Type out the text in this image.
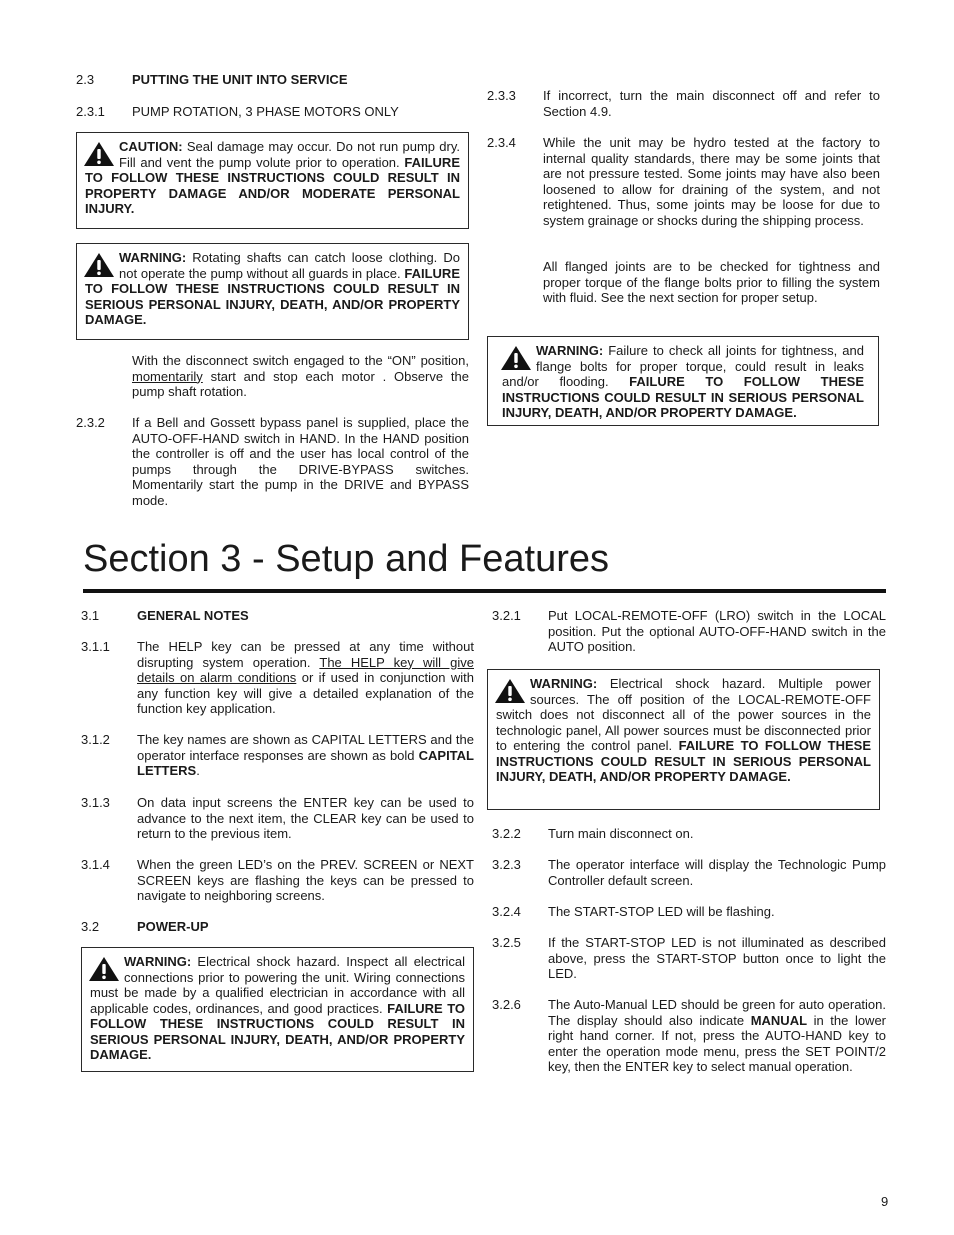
2.3	PUTTING THE UNIT INTO SERVICE
2.3.1 PUMP ROTATION, 3 PHASE MOTORS ONLY
CAUTION: Seal damage may occur. Do not run pump dry. Fill and vent the pump volute prior to operation. FAILURE TO FOLLOW THESE INSTRUCTIONS COULD RESULT IN PROPERTY DAMAGE AND/OR MODERATE PERSONAL INJURY.
WARNING: Rotating shafts can catch loose clothing. Do not operate the pump without all guards in place. FAILURE TO FOLLOW THESE INSTRUCTIONS COULD RESULT IN SERIOUS PERSONAL INJURY, DEATH, AND/OR PROPERTY DAMAGE.
With the disconnect switch engaged to the “ON” position, momentarily start and stop each motor . Observe the pump shaft rotation.
2.3.2 If a Bell and Gossett bypass panel is supplied, place the AUTO-OFF-HAND switch in HAND. In the HAND position the controller is off and the user has local control of the pumps through the DRIVE-BYPASS switches. Momentarily start the pump in the DRIVE and BYPASS mode.
2.3.3 If incorrect, turn the main disconnect off and refer to Section 4.9.
2.3.4 While the unit may be hydro tested at the factory to internal quality standards, there may be some joints that are not pressure tested. Some joints may have also been loosened to allow for draining of the system, and not retightened. Thus, some joints may be loose for due to system grainage or shocks during the shipping process.
All flanged joints are to be checked for tightness and proper torque of the flange bolts prior to filling the system with fluid. See the next section for proper setup.
WARNING: Failure to check all joints for tightness, and flange bolts for proper torque, could result in leaks and/or flooding. FAILURE TO FOLLOW THESE INSTRUCTIONS COULD RESULT IN SERIOUS PERSONAL INJURY, DEATH, AND/OR PROPERTY DAMAGE.
Section 3 - Setup and Features
3.1	GENERAL NOTES
3.1.1 The HELP key can be pressed at any time without disrupting system operation. The HELP key will give details on alarm conditions or if used in conjunction with any function key will give a detailed explanation of the function key application.
3.1.2 The key names are shown as CAPITAL LETTERS and the operator interface responses are shown as bold CAPITAL LETTERS.
3.1.3 On data input screens the ENTER key can be used to advance to the next item, the CLEAR key can be used to return to the previous item.
3.1.4 When the green LED’s on the PREV. SCREEN or NEXT SCREEN keys are flashing the keys can be pressed to navigate to neighboring screens.
3.2	POWER-UP
WARNING: Electrical shock hazard. Inspect all electrical connections prior to powering the unit. Wiring connections must be made by a qualified electrician in accordance with all applicable codes, ordinances, and good practices. FAILURE TO FOLLOW THESE INSTRUCTIONS COULD RESULT IN SERIOUS PERSONAL INJURY, DEATH, AND/OR PROPERTY DAMAGE.
3.2.1 Put LOCAL-REMOTE-OFF (LRO) switch in the LOCAL position. Put the optional AUTO-OFF-HAND switch in the AUTO position.
WARNING: Electrical shock hazard. Multiple power sources. The off position of the LOCAL-REMOTE-OFF switch does not disconnect all of the power sources in the technologic panel, All power sources must be disconnected prior to entering the control panel. FAILURE TO FOLLOW THESE INSTRUCTIONS COULD RESULT IN SERIOUS PERSONAL INJURY, DEATH, AND/OR PROPERTY DAMAGE.
3.2.2 Turn main disconnect on.
3.2.3 The operator interface will display the Technologic Pump Controller default screen.
3.2.4 The START-STOP LED will be flashing.
3.2.5 If the START-STOP LED is not illuminated as described above, press the START-STOP button once to light the LED.
3.2.6 The Auto-Manual LED should be green for auto operation. The display should also indicate MANUAL in the lower right hand corner. If not, press the AUTO-HAND key to enter the operation mode menu, press the SET POINT/2 key, then the ENTER key to select manual operation.
9
